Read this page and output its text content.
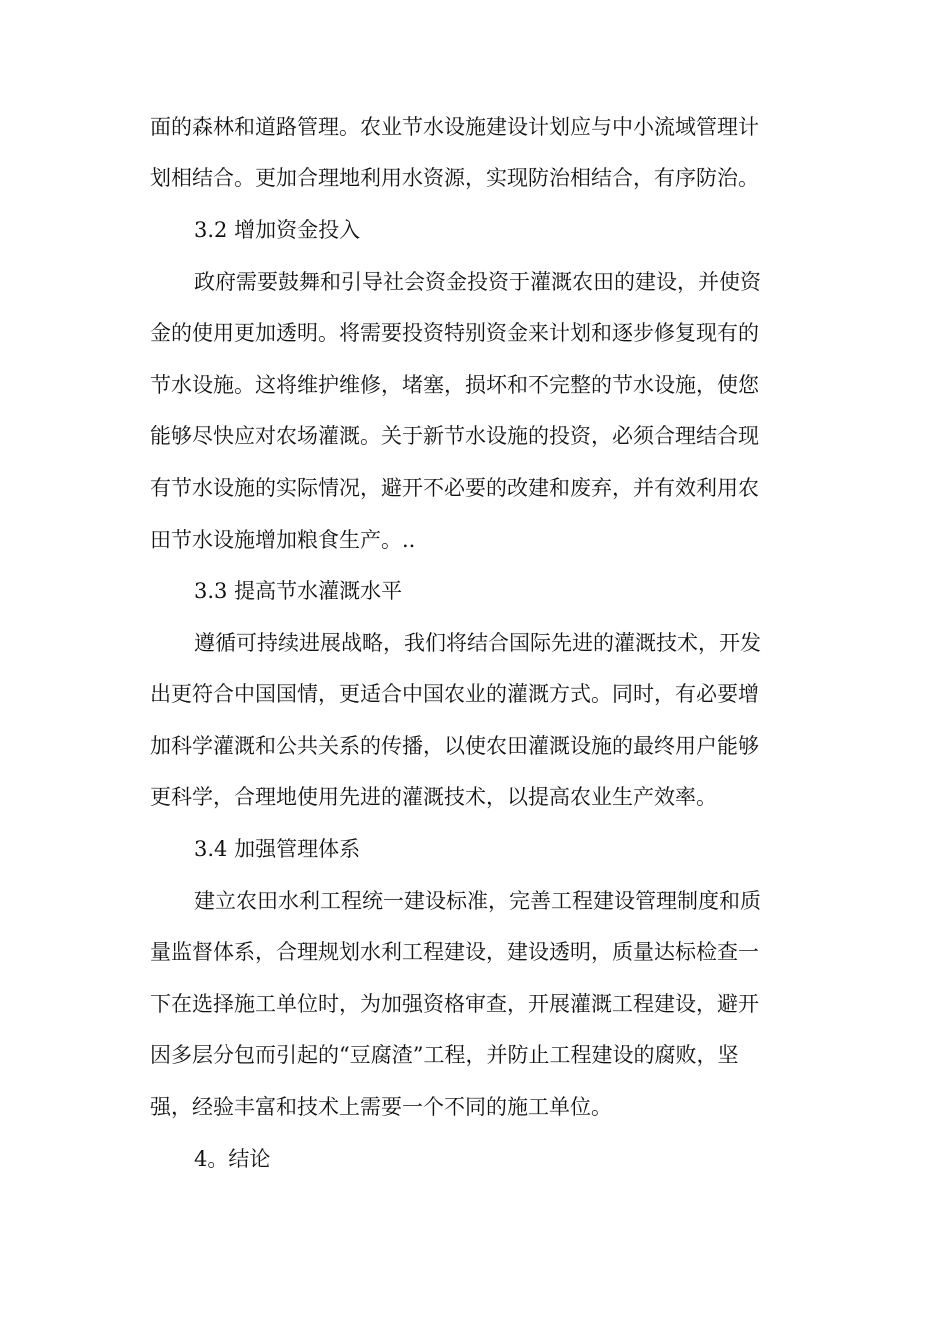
面的森林和道路管理。农业节水设施建设计划应与中小流域管理计
划相结合。更加合理地利用水资源，实现防治相结合，有序防治。
3.2 增加资金投入
政府需要鼓舞和引导社会资金投资于灌溉农田的建设，并使资
金的使用更加透明。将需要投资特别资金来计划和逐步修复现有的
节水设施。这将维护维修，堵塞，损坏和不完整的节水设施，使您
能够尽快应对农场灌溉。关于新节水设施的投资，必须合理结合现
有节水设施的实际情况，避开不必要的改建和废弃，并有效利用农
田节水设施增加粮食生产。..
3.3 提高节水灌溉水平
遵循可持续进展战略，我们将结合国际先进的灌溉技术，开发
出更符合中国国情，更适合中国农业的灌溉方式。同时，有必要增
加科学灌溉和公共关系的传播，以使农田灌溉设施的最终用户能够
更科学，合理地使用先进的灌溉技术，以提高农业生产效率。
3.4 加强管理体系
建立农田水利工程统一建设标准，完善工程建设管理制度和质
量监督体系，合理规划水利工程建设，建设透明，质量达标检查一
下在选择施工单位时，为加强资格审查，开展灌溉工程建设，避开
因多层分包而引起的“豆腐渣”工程，并防止工程建设的腐败，坚
强，经验丰富和技术上需要一个不同的施工单位。
4。结论
